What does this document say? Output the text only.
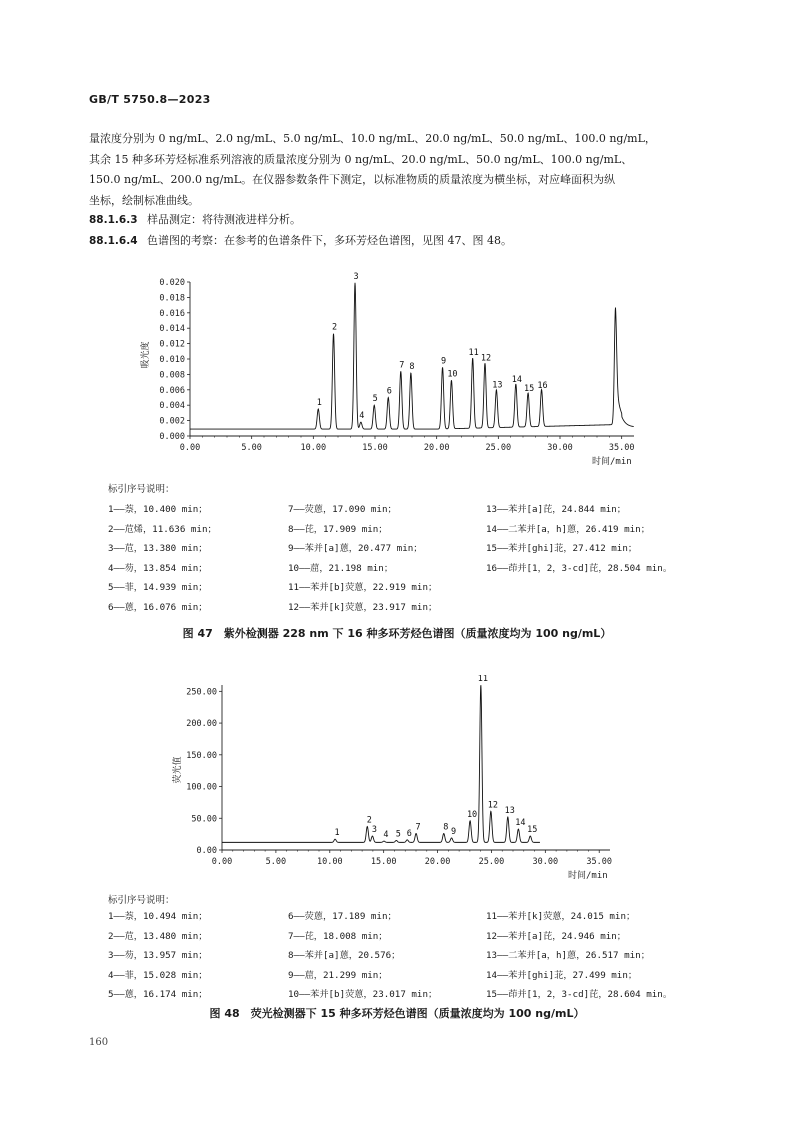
GB/T 5750.8—2023
量浓度分别为 0 ng/mL、2.0 ng/mL、5.0 ng/mL、10.0 ng/mL、20.0 ng/mL、50.0 ng/mL、100.0 ng/mL，
其余 15 种多环芳烃标准系列溶液的质量浓度分别为 0 ng/mL、20.0 ng/mL、50.0 ng/mL、100.0 ng/mL、
150.0 ng/mL、200.0 ng/mL。在仪器参数条件下测定，以标准物质的质量浓度为横坐标，对应峰面积为纵
坐标，绘制标准曲线。
88.1.6.3 样品测定：将待测液进样分析。
88.1.6.4 色谱图的考察：在参考的色谱条件下，多环芳烃色谱图，见图 47、图 48。
0.00	5.00	10.00	15.00	20.00	25.00	30.00	35.00
0.000
0.002
0.004
0.006
0.008
0.010
0.012
0.014
0.016
0.018
0.020
时间/min
吸光度
1
2
3
4
5
6
7 8
9
10
11
12
13
14
15 16
标引序号说明：
1——萘，10.400 min；
2——苊烯，11.636 min；
3——苊，13.380 min；
4——芴，13.854 min；
5——菲，14.939 min；
6——蒽，16.076 min；
7——荧蒽，17.090 min；
8——芘，17.909 min；
9——苯并[a]蒽，20.477 min；
10——䓛，21.198 min；
11——苯并[b]荧蒽，22.919 min；
12——苯并[k]荧蒽，23.917 min；
13——苯并[a]芘，24.844 min；
14——二苯并[a，h]蒽，26.419 min；
15——苯并[ghi]苝，27.412 min；
16——茚并[1，2，3-cd]芘，28.504 min。
图 47　紫外检测器 228 nm 下 16 种多环芳烃色谱图（质量浓度均为 100 ng/mL）
0.00	5.00	10.00	15.00	20.00	25.00	30.00	35.00
0.00
50.00
100.00
150.00
200.00
250.00
时间/min
荧光值
1
2
3
4 5 6
7	8 9
10
11
12
13
14
15
标引序号说明：
1——萘，10.494 min；
2——苊，13.480 min；
3——芴，13.957 min；
4——菲，15.028 min；
5——蒽，16.174 min；
6——荧蒽，17.189 min；
7——芘，18.008 min；
8——苯并[a]蒽，20.576；
9——䓛，21.299 min；
10——苯并[b]荧蒽，23.017 min；
11——苯并[k]荧蒽，24.015 min；
12——苯并[a]芘，24.946 min；
13——二苯并[a，h]蒽，26.517 min；
14——苯并[ghi]苝，27.499 min；
15——茚并[1，2，3-cd]芘，28.604 min。
图 48　荧光检测器下 15 种多环芳烃色谱图（质量浓度均为 100 ng/mL）
160
